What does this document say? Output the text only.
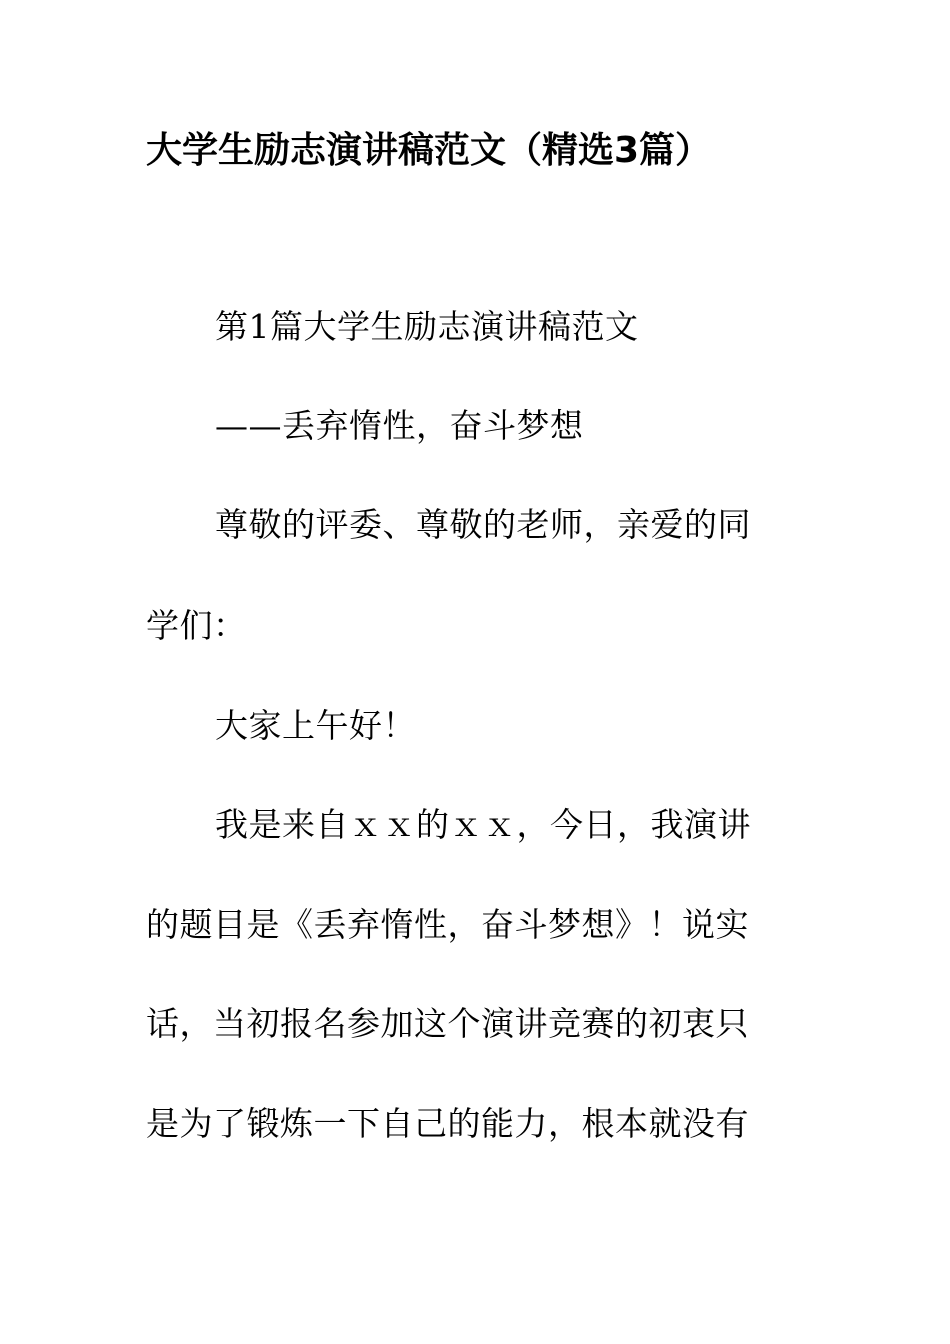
大学生励志演讲稿范文（精选3篇）
第1篇大学生励志演讲稿范文
——丢弃惰性，奋斗梦想
尊敬的评委、尊敬的老师，亲爱的同
学们：
大家上午好！
我是来自ｘｘ的ｘｘ，今日，我演讲
的题目是《丢弃惰性，奋斗梦想》！说实
话，当初报名参加这个演讲竞赛的初衷只
是为了锻炼一下自己的能力，根本就没有
